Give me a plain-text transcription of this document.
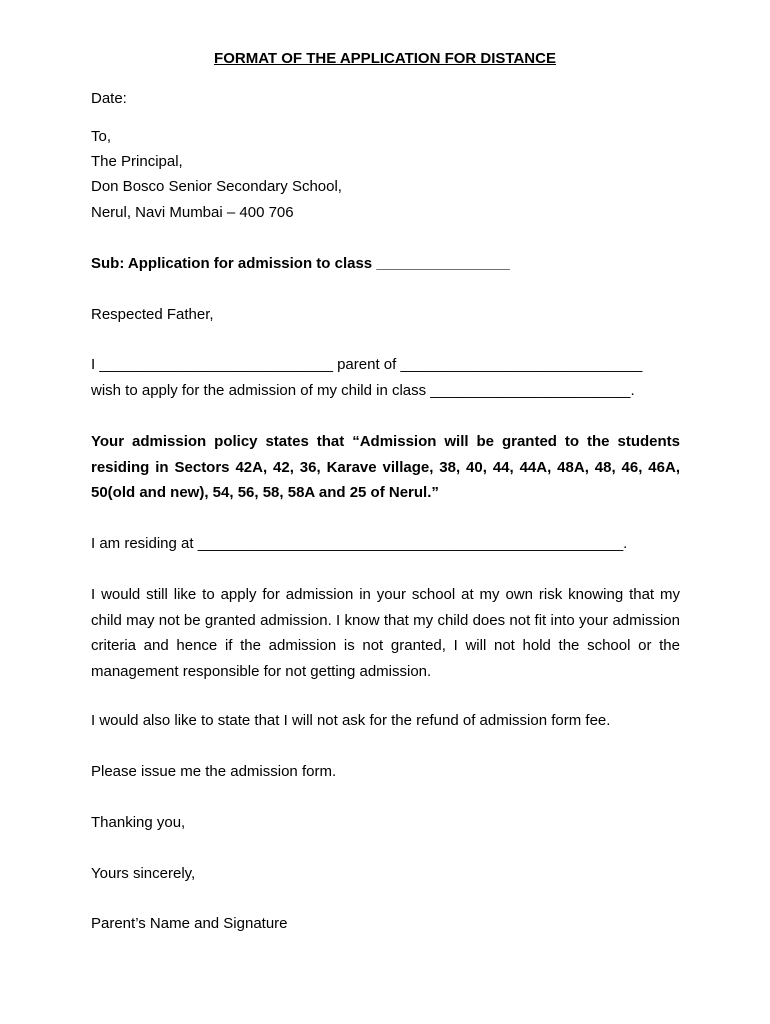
FORMAT OF THE APPLICATION FOR DISTANCE
Date:
To,
The Principal,
Don Bosco Senior Secondary School,
Nerul, Navi Mumbai – 400 706
Sub: Application for admission to class ________________
Respected Father,
I ____________________________ parent of _____________________________
wish to apply for the admission of my child in class ________________________.
Your admission policy states that “Admission will be granted to the students residing in Sectors 42A, 42, 36, Karave village, 38, 40, 44, 44A, 48A, 48, 46, 46A, 50(old and new), 54, 56, 58, 58A and 25 of Nerul.”
I am residing at ___________________________________________________.
I would still like to apply for admission in your school at my own risk knowing that my child may not be granted admission. I know that my child does not fit into your admission criteria and hence if the admission is not granted, I will not hold the school or the management responsible for not getting admission.
I would also like to state that I will not ask for the refund of admission form fee.
Please issue me the admission form.
Thanking you,
Yours sincerely,
Parent’s Name and Signature
